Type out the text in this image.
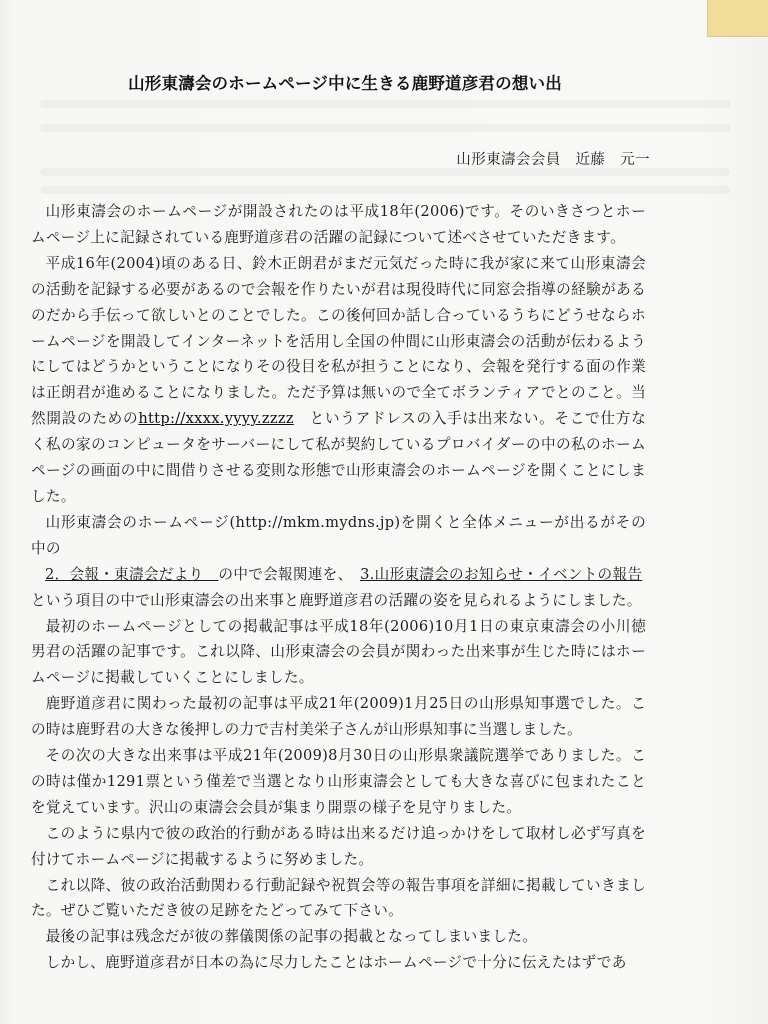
山形東濤会のホームページ中に生きる鹿野道彦君の想い出
山形東濤会会員　近藤　元一

山形東濤会のホームページが開設されたのは平成18年(2006)です。そのいきさつとホームページ上に記録されている鹿野道彦君の活躍の記録について述べさせていただきます。

平成16年(2004)頃のある日、鈴木正朗君がまだ元気だった時に我が家に来て山形東濤会の活動を記録する必要があるので会報を作りたいが君は現役時代に同窓会指導の経験があるのだから手伝って欲しいとのことでした。この後何回か話し合っているうちにどうせならホームページを開設してインターネットを活用し全国の仲間に山形東濤会の活動が伝わるようにしてはどうかということになりその役目を私が担うことになり、会報を発行する面の作業は正朗君が進めることになりました。ただ予算は無いので全てボランティアでとのこと。当然開設のためのhttp://xxxx.yyyy.zzzz　 というアドレスの入手は出来ない。そこで仕方なく私の家のコンピュータをサーバーにして私が契約しているプロバイダーの中の私のホームページの画面の中に間借りさせる変則な形態で山形東濤会のホームページを開くことにしました。

山形東濤会のホームページ(http://mkm.mydns.jp)を開くと全体メニューが出るがその中の

2．会報・東濤会だより　の中で会報関連を、　3.山形東濤会のお知らせ・イベントの報告　という項目の中で山形東濤会の出来事と鹿野道彦君の活躍の姿を見られるようにしました。

最初のホームページとしての掲載記事は平成18年(2006)10月1日の東京東濤会の小川徳男君の活躍の記事です。これ以降、山形東濤会の会員が関わった出来事が生じた時にはホームページに掲載していくことにしました。

鹿野道彦君に関わった最初の記事は平成21年(2009)1月25日の山形県知事選でした。この時は鹿野君の大きな後押しの力で吉村美栄子さんが山形県知事に当選しました。

その次の大きな出来事は平成21年(2009)8月30日の山形県衆議院選挙でありました。この時は僅か1291票という僅差で当選となり山形東濤会としても大きな喜びに包まれたことを覚えています。沢山の東濤会会員が集まり開票の様子を見守りました。

このように県内で彼の政治的行動がある時は出来るだけ追っかけをして取材し必ず写真を付けてホームページに掲載するように努めました。

これ以降、彼の政治活動関わる行動記録や祝賀会等の報告事項を詳細に掲載していきました。ぜひご覧いただき彼の足跡をたどってみて下さい。

最後の記事は残念だが彼の葬儀関係の記事の掲載となってしまいました。

しかし、鹿野道彦君が日本の為に尽力したことはホームページで十分に伝えたはずであ
